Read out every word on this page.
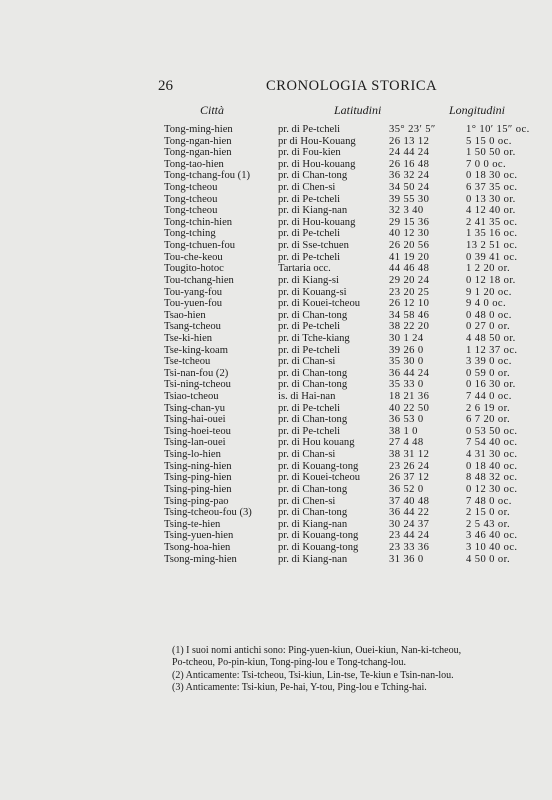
26	CRONOLOGIA STORICA
Città	Latitudini	Longitudini
Tong-ming-hien	pr. di Pe-tcheli	35° 23′ 5″	1° 10′ 15″ oc.
Tong-ngan-hien	pr di Hou-Kouang	26 13 12	5 15 0 oc.
Tong-ngan-hien	pr. di Fou-kien	24 44 24	1 50 50 or.
Tong-tao-hien	pr. di Hou-kouang	26 16 48	7 0 0 oc.
Tong-tchang-fou (1)	pr. di Chan-tong	36 32 24	0 18 30 oc.
Tong-tcheou	pr. di Chen-si	34 50 24	6 37 35 oc.
Tong-tcheou	pr. di Pe-tcheli	39 55 30	0 13 30 or.
Tong-tcheou	pr. di Kiang-nan	32 3 40	4 12 40 or.
Tong-tchin-hien	pr. di Hou-kouang	29 15 36	2 41 35 oc.
Tong-tching	pr. di Pe-tcheli	40 12 30	1 35 16 oc.
Tong-tchuen-fou	pr. di Sse-tchuen	26 20 56	13 2 51 oc.
Tou-che-keou	pr. di Pe-tcheli	41 19 20	0 39 41 oc.
Tougito-hotoc	Tartaria occ.	44 46 48	1 2 20 or.
Tou-tchang-hien	pr. di Kiang-si	29 20 24	0 12 18 or.
Tou-yang-fou	pr. di Kouang-si	23 20 25	9 1 20 oc.
Tou-yuen-fou	pr. di Kouei-tcheou	26 12 10	9 4 0 oc.
Tsao-hien	pr. di Chan-tong	34 58 46	0 48 0 oc.
Tsang-tcheou	pr. di Pe-tcheli	38 22 20	0 27 0 or.
Tse-ki-hien	pr. di Tche-kiang	30 1 24	4 48 50 or.
Tse-king-koam	pr. di Pe-tcheli	39 26 0	1 12 37 oc.
Tse-tcheou	pr. di Chan-si	35 30 0	3 39 0 oc.
Tsi-nan-fou (2)	pr. di Chan-tong	36 44 24	0 59 0 or.
Tsi-ning-tcheou	pr. di Chan-tong	35 33 0	0 16 30 or.
Tsiao-tcheou	is. di Hai-nan	18 21 36	7 44 0 oc.
Tsing-chan-yu	pr. di Pe-tcheli	40 22 50	2 6 19 or.
Tsing-hai-ouei	pr. di Chan-tong	36 53 0	6 7 20 or.
Tsing-hoei-teou	pr. di Pe-tcheli	38 1 0	0 53 50 oc.
Tsing-lan-ouei	pr. di Hou kouang	27 4 48	7 54 40 oc.
Tsing-lo-hien	pr. di Chan-si	38 31 12	4 31 30 oc.
Tsing-ning-hien	pr. di Kouang-tong	23 26 24	0 18 40 oc.
Tsing-ping-hien	pr. di Kouei-tcheou	26 37 12	8 48 32 oc.
Tsing-ping-hien	pr. di Chan-tong	36 52 0	0 12 30 oc.
Tsing-ping-pao	pr. di Chen-si	37 40 48	7 48 0 oc.
Tsing-tcheou-fou (3) pr. di Chan-tong	36 44 22	2 15 0 or.
Tsing-te-hien	pr. di Kiang-nan	30 24 37	2 5 43 or.
Tsing-yuen-hien	pr. di Kouang-tong	23 44 24	3 46 40 oc.
Tsong-hoa-hien	pr. di Kouang-tong	23 33 36	3 10 40 oc.
Tsong-ming-hien	pr. di Kiang-nan	31 36 0	4 50 0 or.

(1) I suoi nomi antichi sono: Ping-yuen-kiun, Ouei-kiun, Nan-ki-tcheou,

Po-tcheou, Po-pin-kiun, Tong-ping-lou e Tong-tchang-lou.

(2) Anticamente: Tsi-tcheou, Tsi-kiun, Lin-tse, Te-kiun e Tsin-nan-lou.

(3) Anticamente: Tsi-kiun, Pe-hai, Y-tou, Ping-lou e Tching-hai.
